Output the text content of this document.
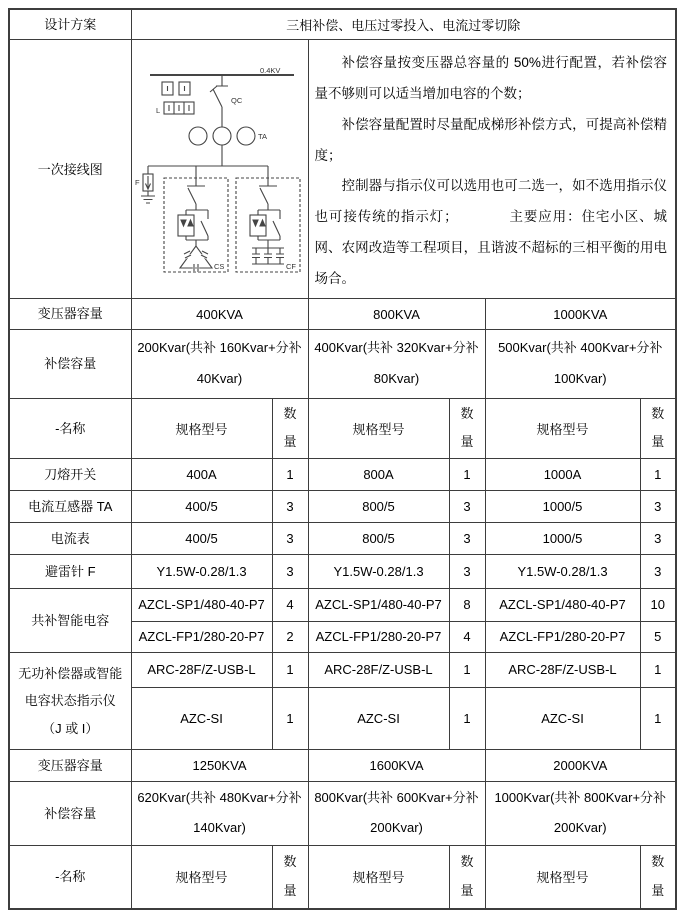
设计方案	三相补偿、电压过零投入、电流过零切除					
一次接线图	
0.4KV
QC
TA
L
F
CS	CF

补偿容量按变压器总容量的 50%进行配置，若补偿容量不够则可以适当增加电容的个数；

补偿容量配置时尽量配成梯形补偿方式，可提高补偿精度；

控制器与指示仪可以选用也可二选一，如不选用指示仪也可接传统的指示灯；　　　　主要应用：住宅小区、城网、农网改造等工程项目，且谐波不超标的三相平衡的用电场合。

变压器容量	400KVA		800KVA		1000KVA	
补偿容量	200Kvar(共补 160Kvar+分补 40Kvar)		400Kvar(共补 320Kvar+分补 80Kvar)		500Kvar(共补 400Kvar+分补 100Kvar)	
-名称	规格型号	数量	规格型号	数量	规格型号	数量

刀熔开关	400A	1	800A	1	1000A	1
电流互感器 TA	400/5	3	800/5	3	1000/5	3
电流表	400/5	3	800/5	3	1000/5	3
避雷针 F	Y1.5W-0.28/1.3	3	Y1.5W-0.28/1.3	3	Y1.5W-0.28/1.3	3
共补智能电容	AZCL-SP1/480-40-P7	4	AZCL-SP1/480-40-P7	8	AZCL-SP1/480-40-P7	10
	AZCL-FP1/280-20-P7	2	AZCL-FP1/280-20-P7	4	AZCL-FP1/280-20-P7	5
无功补偿器或智能电容状态指示仪（J 或 I）	ARC-28F/Z-USB-L	1	ARC-28F/Z-USB-L	1	ARC-28F/Z-USB-L	1
	AZC-SI	1	AZC-SI	1	AZC-SI	1
变压器容量	1250KVA		1600KVA		2000KVA	
补偿容量	620Kvar(共补 480Kvar+分补 140Kvar)		800Kvar(共补 600Kvar+分补 200Kvar)		1000Kvar(共补 800Kvar+分补 200Kvar)	
-名称	规格型号	数量	规格型号	数量	规格型号	数量
